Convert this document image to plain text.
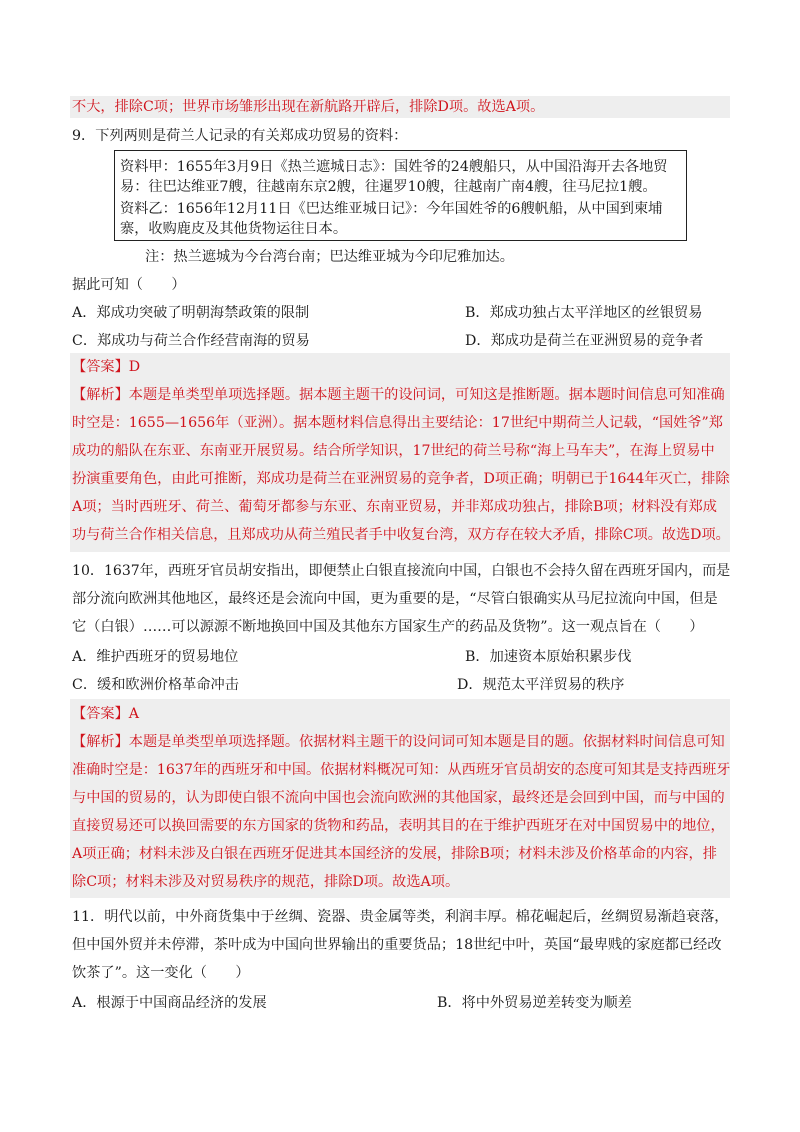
不大，排除C项；世界市场雏形出现在新航路开辟后，排除D项。故选A项。
9．下列两则是荷兰人记录的有关郑成功贸易的资料：
资料甲：1655年3月9日《热兰遮城日志》：国姓爷的24艘船只，从中国沿海开去各地贸
易：往巴达维亚7艘，往越南东京2艘，往暹罗10艘，往越南广南4艘，往马尼拉1艘。
资料乙：1656年12月11日《巴达维亚城日记》：今年国姓爷的6艘帆船，从中国到柬埔
寨，收购鹿皮及其他货物运往日本。
注：热兰遮城为今台湾台南；巴达维亚城为今印尼雅加达。
据此可知（　　）
A．郑成功突破了明朝海禁政策的限制	B．郑成功独占太平洋地区的丝银贸易
C．郑成功与荷兰合作经营南海的贸易	D．郑成功是荷兰在亚洲贸易的竞争者
【答案】D
【解析】本题是单类型单项选择题。据本题主题干的设问词，可知这是推断题。据本题时间信息可知准确
时空是：1655—1656年（亚洲）。据本题材料信息得出主要结论：17世纪中期荷兰人记载，“国姓爷”郑
成功的船队在东亚、东南亚开展贸易。结合所学知识，17世纪的荷兰号称“海上马车夫”，在海上贸易中
扮演重要角色，由此可推断，郑成功是荷兰在亚洲贸易的竞争者，D项正确；明朝已于1644年灭亡，排除
A项；当时西班牙、荷兰、葡萄牙都参与东亚、东南亚贸易，并非郑成功独占，排除B项；材料没有郑成
功与荷兰合作相关信息，且郑成功从荷兰殖民者手中收复台湾，双方存在较大矛盾，排除C项。故选D项。
10．1637年，西班牙官员胡安指出，即便禁止白银直接流向中国，白银也不会持久留在西班牙国内，而是
部分流向欧洲其他地区，最终还是会流向中国，更为重要的是，“尽管白银确实从马尼拉流向中国，但是
它（白银）……可以源源不断地换回中国及其他东方国家生产的药品及货物”。这一观点旨在（　　）
A．维护西班牙的贸易地位	B．加速资本原始积累步伐
C．缓和欧洲价格革命冲击	D．规范太平洋贸易的秩序
【答案】A
【解析】本题是单类型单项选择题。依据材料主题干的设问词可知本题是目的题。依据材料时间信息可知
准确时空是：1637年的西班牙和中国。依据材料概况可知：从西班牙官员胡安的态度可知其是支持西班牙
与中国的贸易的，认为即使白银不流向中国也会流向欧洲的其他国家，最终还是会回到中国，而与中国的
直接贸易还可以换回需要的东方国家的货物和药品，表明其目的在于维护西班牙在对中国贸易中的地位，
A项正确；材料未涉及白银在西班牙促进其本国经济的发展，排除B项；材料未涉及价格革命的内容，排
除C项；材料未涉及对贸易秩序的规范，排除D项。故选A项。
11．明代以前，中外商货集中于丝绸、瓷器、贵金属等类，利润丰厚。棉花崛起后，丝绸贸易渐趋衰落，
但中国外贸并未停滞，茶叶成为中国向世界输出的重要货品；18世纪中叶，英国“最卑贱的家庭都已经改
饮茶了”。这一变化（　　）
A．根源于中国商品经济的发展	B．将中外贸易逆差转变为顺差
